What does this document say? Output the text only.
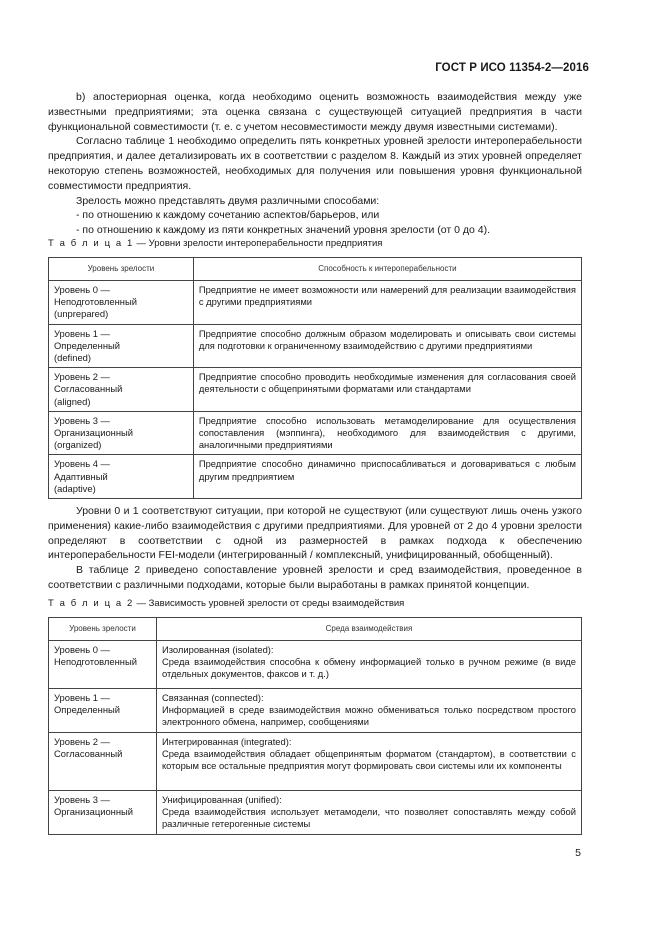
ГОСТ Р ИСО 11354-2—2016

b) апостериорная оценка, когда необходимо оценить возможность взаимодействия между уже известными предприятиями; эта оценка связана с существующей ситуацией предприятия в части функциональной совместимости (т. е. с учетом несовместимости между двумя известными системами).

Согласно таблице 1 необходимо определить пять конкретных уровней зрелости интероперабельности предприятия, и далее детализировать их в соответствии с разделом 8. Каждый из этих уровней определяет некоторую степень возможностей, необходимых для получения или повышения уровня функциональной совместимости предприятия.

Зрелость можно представлять двумя различными способами:

- по отношению к каждому сочетанию аспектов/барьеров, или

- по отношению к каждому из пяти конкретных значений уровня зрелости (от 0 до 4).

Т а б л и ц а 1 — Уровни зрелости интероперабельности предприятия
Уровень зрелости	Способность к интероперабельности
Уровень 0 —
Неподготовленный
(unprepared)	Предприятие не имеет возможности или намерений для реализации взаимодействия с другими предприятиями
Уровень 1 —
Определенный
(defined)	Предприятие способно должным образом моделировать и описывать свои системы для подготовки к ограниченному взаимодействию с другими предприятиями
Уровень 2 —
Согласованный
(aligned)	Предприятие способно проводить необходимые изменения для согласования своей деятельности с общепринятыми форматами или стандартами
Уровень 3 —
Организационный
(organized)	Предприятие способно использовать метамоделирование для осуществления сопоставления (мэппинга), необходимого для взаимодействия с другими, аналогичными предприятиями
Уровень 4 —
Адаптивный
(adaptive)	Предприятие способно динамично приспосабливаться и договариваться с любым другим предприятием

Уровни 0 и 1 соответствуют ситуации, при которой не существуют (или существуют лишь очень узкого применения) какие-либо взаимодействия с другими предприятиями. Для уровней от 2 до 4 уровни зрелости определяют в соответствии с одной из размерностей в рамках подхода к обеспечению интероперабельности FEI-модели (интегрированный / комплексный, унифицированный, обобщенный).

В таблице 2 приведено сопоставление уровней зрелости и сред взаимодействия, проведенное в соответствии с различными подходами, которые были выработаны в рамках принятой концепции.

Т а б л и ц а 2 — Зависимость уровней зрелости от среды взаимодействия
Уровень зрелости	Среда взаимодействия
Уровень 0 —
Неподготовленный	Изолированная (isolated):
Среда взаимодействия способна к обмену информацией только в ручном режиме (в виде отдельных документов, факсов и т. д.)
Уровень 1 —
Определенный	Связанная (connected):
Информацией в среде взаимодействия можно обмениваться только посредством простого электронного обмена, например, сообщениями
Уровень 2 —
Согласованный	Интегрированная (integrated):
Среда взаимодействия обладает общепринятым форматом (стандартом), в соответствии с которым все остальные предприятия могут формировать свои системы или их компоненты
Уровень 3 —
Организационный	Унифицированная (unified):
Среда взаимодействия использует метамодели, что позволяет сопоставлять между собой различные гетерогенные системы
5
